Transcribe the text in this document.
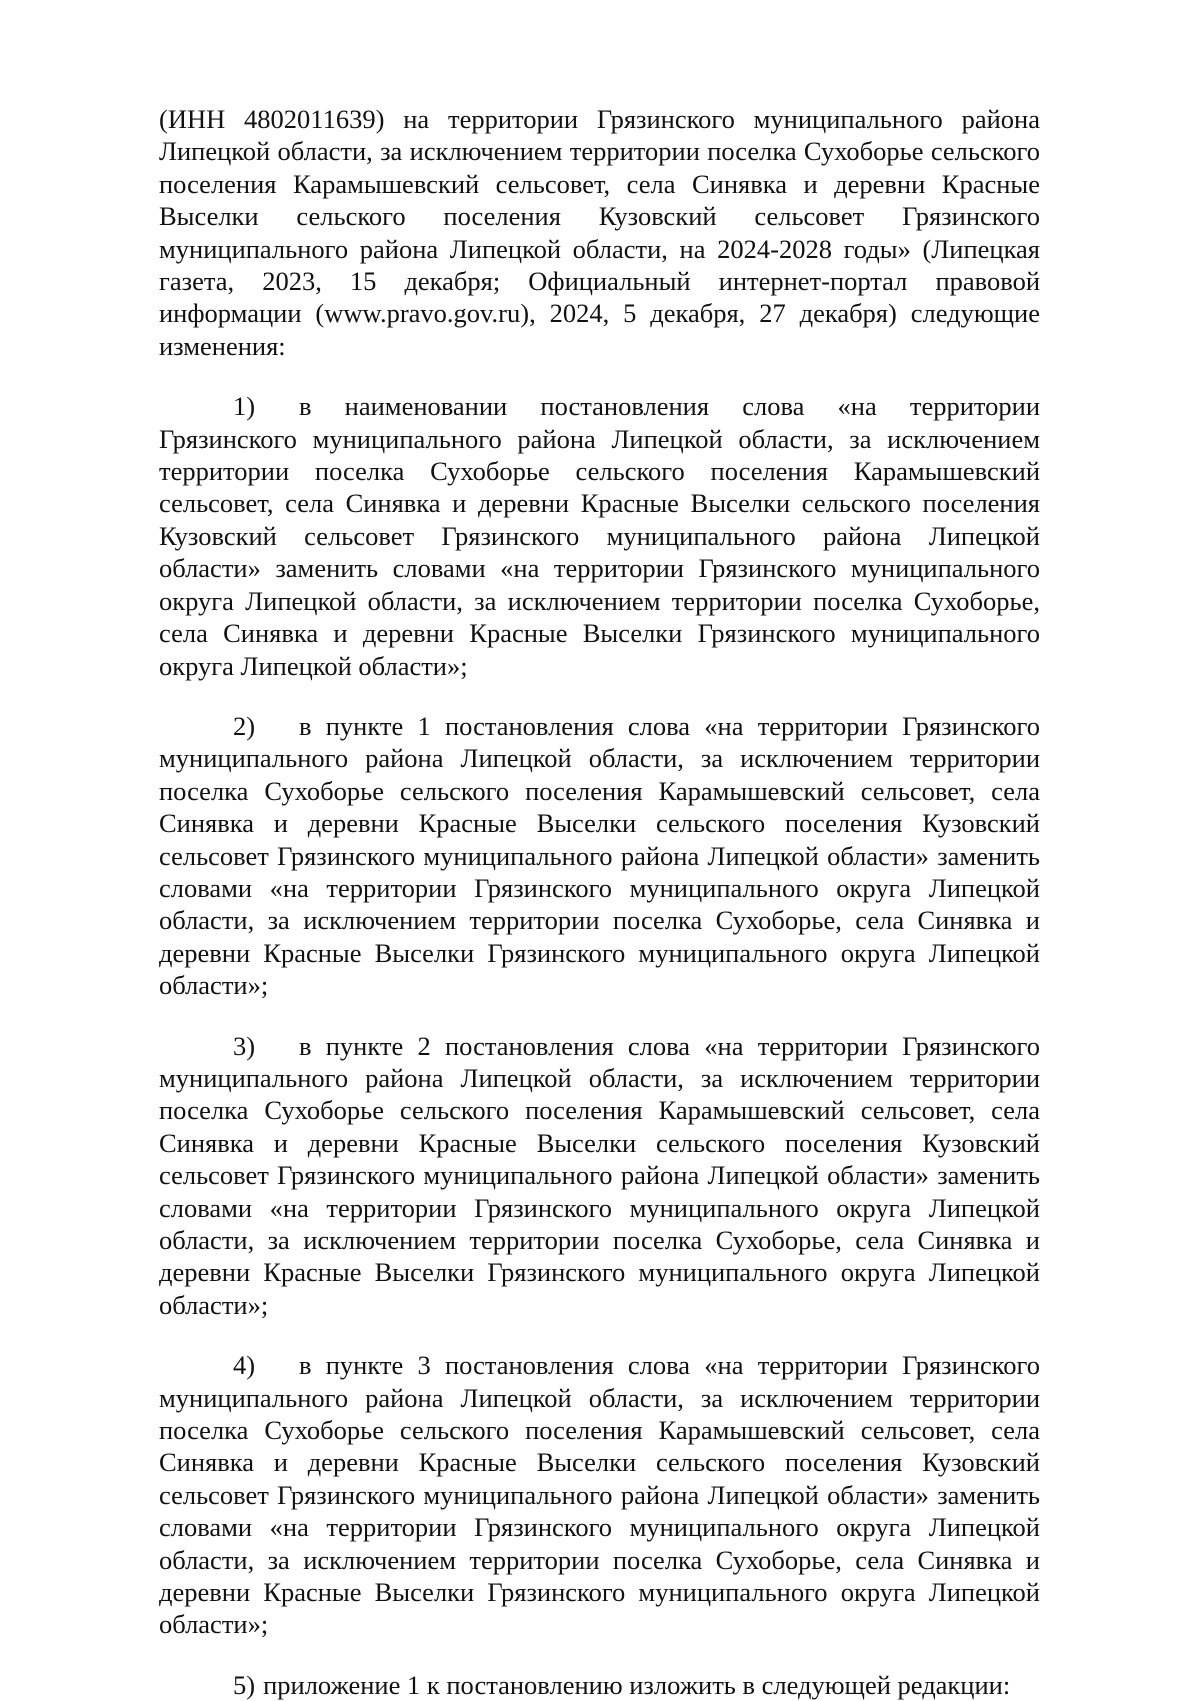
(ИНН 4802011639) на территории Грязинского муниципального района Липецкой области, за исключением территории поселка Сухоборье сельского поселения Карамышевский сельсовет, села Синявка и деревни Красные Выселки сельского поселения Кузовский сельсовет Грязинского муниципального района Липецкой области, на 2024-2028 годы» (Липецкая газета, 2023, 15 декабря; Официальный интернет-портал правовой информации (www.pravo.gov.ru), 2024, 5 декабря, 27 декабря) следующие изменения:

1) в наименовании постановления слова «на территории Грязинского муниципального района Липецкой области, за исключением территории поселка Сухоборье сельского поселения Карамышевский сельсовет, села Синявка и деревни Красные Выселки сельского поселения Кузовский сельсовет Грязинского муниципального района Липецкой области» заменить словами «на территории Грязинского муниципального округа Липецкой области, за исключением территории поселка Сухоборье, села Синявка и деревни Красные Выселки Грязинского муниципального округа Липецкой области»;

2) в пункте 1 постановления слова «на территории Грязинского муниципального района Липецкой области, за исключением территории поселка Сухоборье сельского поселения Карамышевский сельсовет, села Синявка и деревни Красные Выселки сельского поселения Кузовский сельсовет Грязинского муниципального района Липецкой области» заменить словами «на территории Грязинского муниципального округа Липецкой области, за исключением территории поселка Сухоборье, села Синявка и деревни Красные Выселки Грязинского муниципального округа Липецкой области»;

3) в пункте 2 постановления слова «на территории Грязинского муниципального района Липецкой области, за исключением территории поселка Сухоборье сельского поселения Карамышевский сельсовет, села Синявка и деревни Красные Выселки сельского поселения Кузовский сельсовет Грязинского муниципального района Липецкой области» заменить словами «на территории Грязинского муниципального округа Липецкой области, за исключением территории поселка Сухоборье, села Синявка и деревни Красные Выселки Грязинского муниципального округа Липецкой области»;

4) в пункте 3 постановления слова «на территории Грязинского муниципального района Липецкой области, за исключением территории поселка Сухоборье сельского поселения Карамышевский сельсовет, села Синявка и деревни Красные Выселки сельского поселения Кузовский сельсовет Грязинского муниципального района Липецкой области» заменить словами «на территории Грязинского муниципального округа Липецкой области, за исключением территории поселка Сухоборье, села Синявка и деревни Красные Выселки Грязинского муниципального округа Липецкой области»;

5) приложение 1 к постановлению изложить в следующей редакции:
